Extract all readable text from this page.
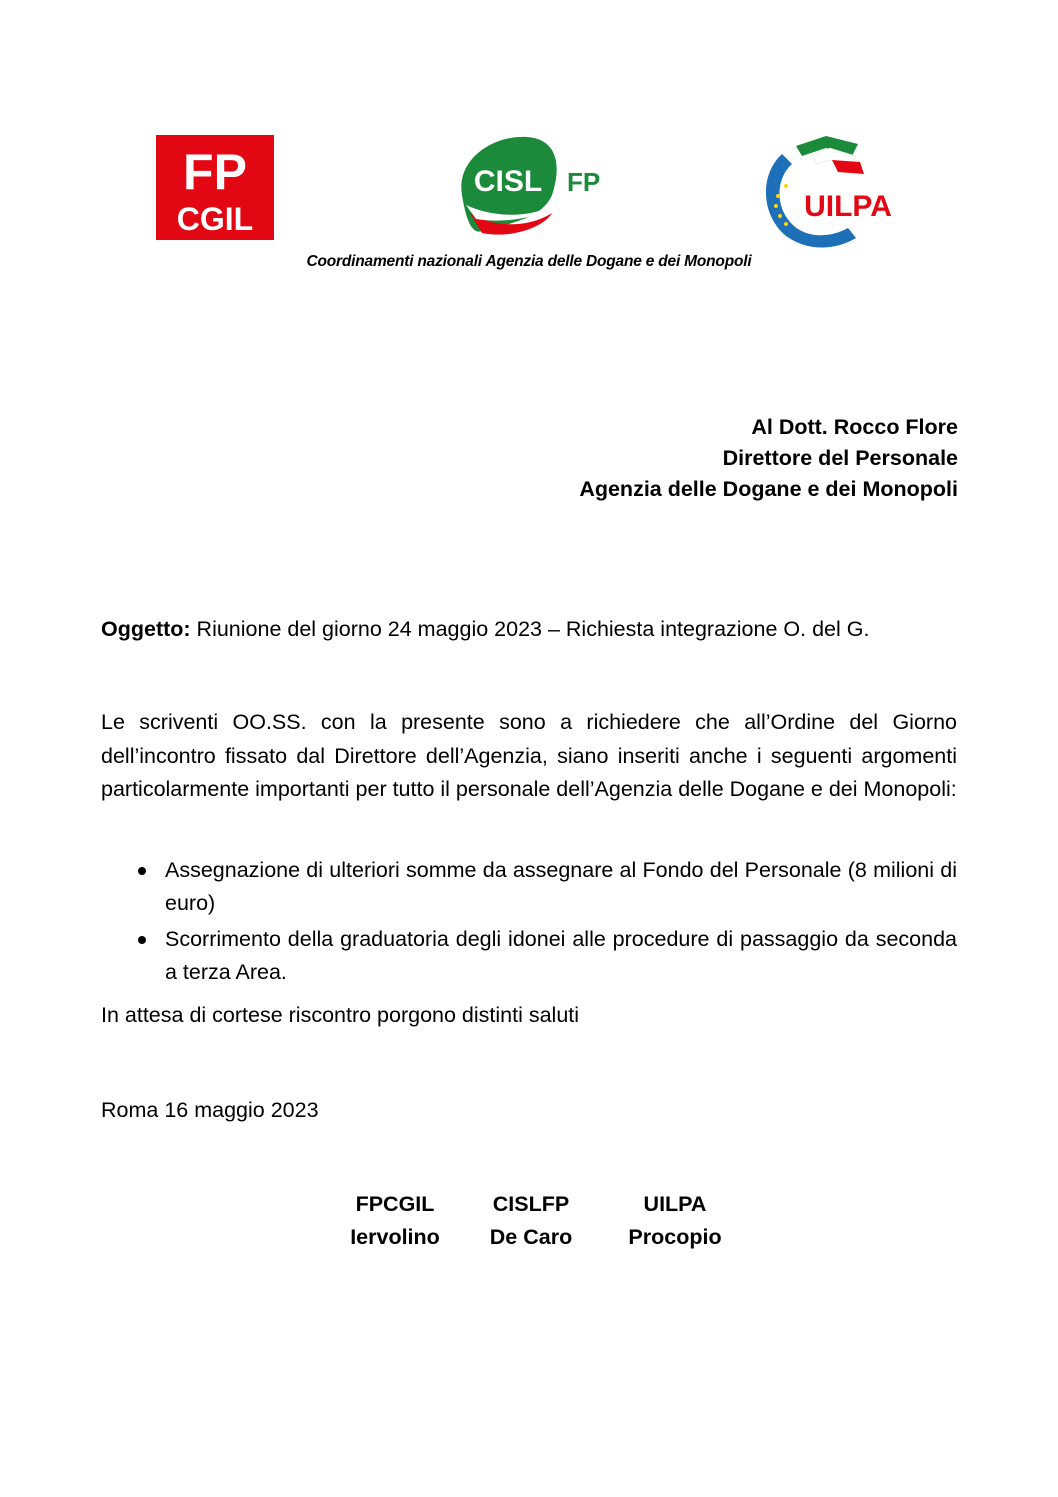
FP
CGIL
CISL FP
UILPA
Coordinamenti nazionali Agenzia delle Dogane e dei Monopoli
Al Dott. Rocco Flore
Direttore del Personale
Agenzia delle Dogane e dei Monopoli
Oggetto: Riunione del giorno 24 maggio 2023 – Richiesta integrazione O. del G.
Le scriventi OO.SS. con la presente sono a richiedere che all’Ordine del Giorno dell’incontro fissato dal Direttore dell’Agenzia, siano inseriti anche i seguenti argomenti particolarmente importanti per tutto il personale dell’Agenzia delle Dogane e dei Monopoli:
Assegnazione di ulteriori somme da assegnare al Fondo del Personale (8 milioni di euro)
Scorrimento della graduatoria degli idonei alle procedure di passaggio da seconda a terza Area.
In attesa di cortese riscontro porgono distinti saluti
Roma 16 maggio 2023
FPCGIL
Iervolino
CISLFP
De Caro
UILPA
Procopio
